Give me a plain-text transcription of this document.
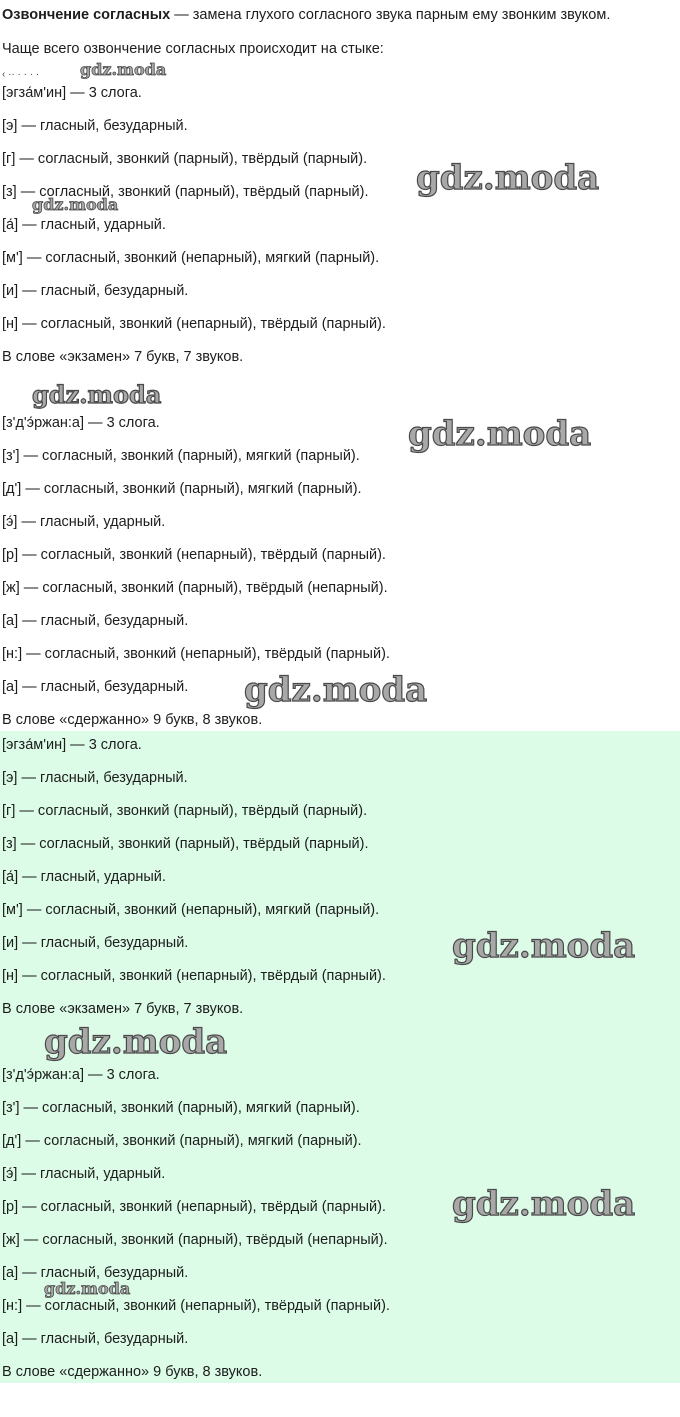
Озвончение согласных — замена глухого согласного звука парным ему звонким звуком.
Чаще всего озвончение согласных происходит на стыке:
‹ ·· · · · ·
[эгза́м'ин] — 3 слога.
[э] — гласный, безударный.
[г] — согласный, звонкий (парный), твёрдый (парный).
[з] — согласный, звонкий (парный), твёрдый (парный).
[а́] — гласный, ударный.
[м'] — согласный, звонкий (непарный), мягкий (парный).
[и] — гласный, безударный.
[н] — согласный, звонкий (непарный), твёрдый (парный).
В слове «экзамен» 7 букв, 7 звуков.
[з'д'э́ржан:а] — 3 слога.
[з'] — согласный, звонкий (парный), мягкий (парный).
[д'] — согласный, звонкий (парный), мягкий (парный).
[э́] — гласный, ударный.
[р] — согласный, звонкий (непарный), твёрдый (парный).
[ж] — согласный, звонкий (парный), твёрдый (непарный).
[а] — гласный, безударный.
[н:] — согласный, звонкий (непарный), твёрдый (парный).
[а] — гласный, безударный.
В слове «сдержанно» 9 букв, 8 звуков.
[эгза́м'ин] — 3 слога.
[э] — гласный, безударный.
[г] — согласный, звонкий (парный), твёрдый (парный).
[з] — согласный, звонкий (парный), твёрдый (парный).
[а́] — гласный, ударный.
[м'] — согласный, звонкий (непарный), мягкий (парный).
[и] — гласный, безударный.
[н] — согласный, звонкий (непарный), твёрдый (парный).
В слове «экзамен» 7 букв, 7 звуков.
[з'д'э́ржан:а] — 3 слога.
[з'] — согласный, звонкий (парный), мягкий (парный).
[д'] — согласный, звонкий (парный), мягкий (парный).
[э́] — гласный, ударный.
[р] — согласный, звонкий (непарный), твёрдый (парный).
[ж] — согласный, звонкий (парный), твёрдый (непарный).
[а] — гласный, безударный.
[н:] — согласный, звонкий (непарный), твёрдый (парный).
[а] — гласный, безударный.
В слове «сдержанно» 9 букв, 8 звуков.
gdz.moda
gdz.moda
gdz.moda
gdz.moda
gdz.moda
gdz.moda
gdz.moda
gdz.moda
gdz.moda
gdz.moda
